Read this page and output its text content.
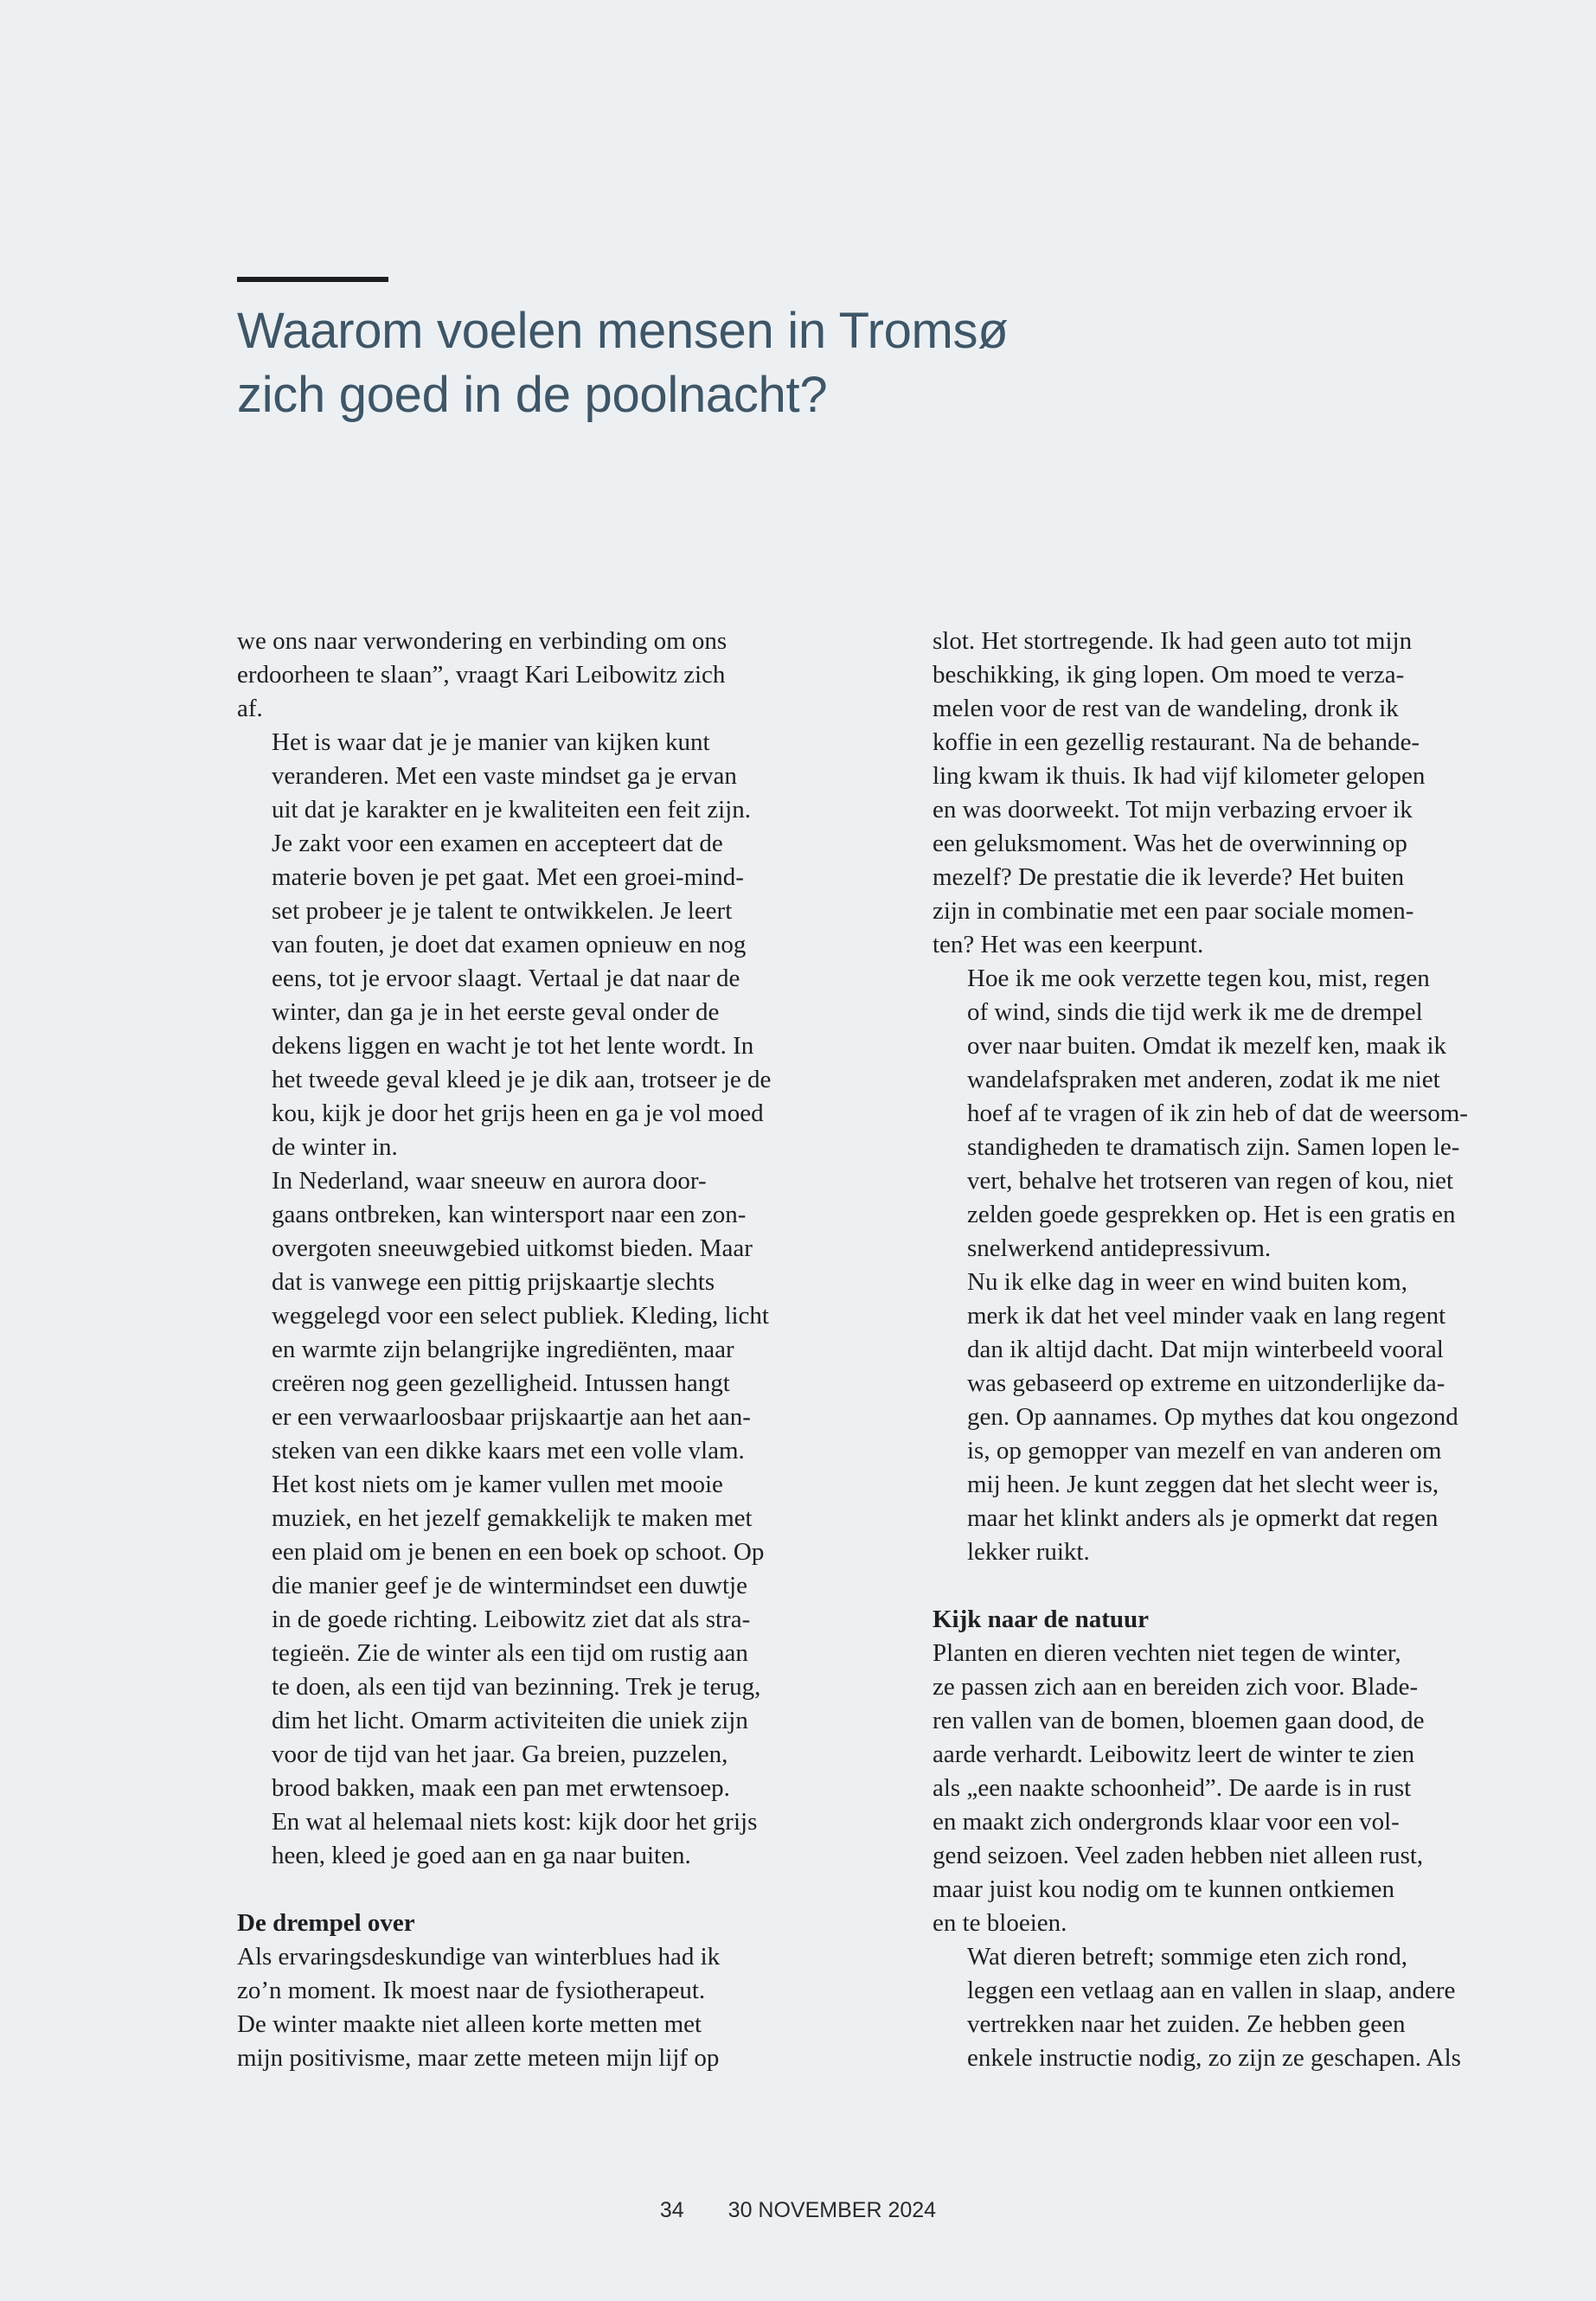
Waarom voelen mensen in Tromsø
zich goed in de poolnacht?

we ons naar verwondering en verbinding om ons
erdoorheen te slaan”, vraagt Kari Leibowitz zich
af.

Het is waar dat je je manier van kijken kunt
veranderen. Met een vaste mindset ga je ervan
uit dat je karakter en je kwaliteiten een feit zijn.
Je zakt voor een examen en accepteert dat de
materie boven je pet gaat. Met een groei-mind-
set probeer je je talent te ontwikkelen. Je leert
van fouten, je doet dat examen opnieuw en nog
eens, tot je ervoor slaagt. Vertaal je dat naar de
winter, dan ga je in het eerste geval onder de
dekens liggen en wacht je tot het lente wordt. In
het tweede geval kleed je je dik aan, trotseer je de
kou, kijk je door het grijs heen en ga je vol moed
de winter in.

In Nederland, waar sneeuw en aurora door-
gaans ontbreken, kan wintersport naar een zon-
overgoten sneeuwgebied uitkomst bieden. Maar
dat is vanwege een pittig prijskaartje slechts
weggelegd voor een select publiek. Kleding, licht
en warmte zijn belangrijke ingrediënten, maar
creëren nog geen gezelligheid. Intussen hangt
er een verwaarloosbaar prijskaartje aan het aan-
steken van een dikke kaars met een volle vlam.
Het kost niets om je kamer vullen met mooie
muziek, en het jezelf gemakkelijk te maken met
een plaid om je benen en een boek op schoot. Op
die manier geef je de wintermindset een duwtje
in de goede richting. Leibowitz ziet dat als stra-
tegieën. Zie de winter als een tijd om rustig aan
te doen, als een tijd van bezinning. Trek je terug,
dim het licht. Omarm activiteiten die uniek zijn
voor de tijd van het jaar. Ga breien, puzzelen,
brood bakken, maak een pan met erwtensoep.
En wat al helemaal niets kost: kijk door het grijs
heen, kleed je goed aan en ga naar buiten.

De drempel over

Als ervaringsdeskundige van winterblues had ik
zo’n moment. Ik moest naar de fysiotherapeut.
De winter maakte niet alleen korte metten met
mijn positivisme, maar zette meteen mijn lijf op

slot. Het stortregende. Ik had geen auto tot mijn
beschikking, ik ging lopen. Om moed te verza-
melen voor de rest van de wandeling, dronk ik
koffie in een gezellig restaurant. Na de behande-
ling kwam ik thuis. Ik had vijf kilometer gelopen
en was doorweekt. Tot mijn verbazing ervoer ik
een geluksmoment. Was het de overwinning op
mezelf? De prestatie die ik leverde? Het buiten
zijn in combinatie met een paar sociale momen-
ten? Het was een keerpunt.

Hoe ik me ook verzette tegen kou, mist, regen
of wind, sinds die tijd werk ik me de drempel
over naar buiten. Omdat ik mezelf ken, maak ik
wandelafspraken met anderen, zodat ik me niet
hoef af te vragen of ik zin heb of dat de weersom-
standigheden te dramatisch zijn. Samen lopen le-
vert, behalve het trotseren van regen of kou, niet
zelden goede gesprekken op. Het is een gratis en
snelwerkend antidepressivum.

Nu ik elke dag in weer en wind buiten kom,
merk ik dat het veel minder vaak en lang regent
dan ik altijd dacht. Dat mijn winterbeeld vooral
was gebaseerd op extreme en uitzonderlijke da-
gen. Op aannames. Op mythes dat kou ongezond
is, op gemopper van mezelf en van anderen om
mij heen. Je kunt zeggen dat het slecht weer is,
maar het klinkt anders als je opmerkt dat regen
lekker ruikt.

Kijk naar de natuur

Planten en dieren vechten niet tegen de winter,
ze passen zich aan en bereiden zich voor. Blade-
ren vallen van de bomen, bloemen gaan dood, de
aarde verhardt. Leibowitz leert de winter te zien
als „een naakte schoonheid”. De aarde is in rust
en maakt zich ondergronds klaar voor een vol-
gend seizoen. Veel zaden hebben niet alleen rust,
maar juist kou nodig om te kunnen ontkiemen
en te bloeien.

Wat dieren betreft; sommige eten zich rond,
leggen een vetlaag aan en vallen in slaap, andere
vertrekken naar het zuiden. Ze hebben geen
enkele instructie nodig, zo zijn ze geschapen. Als

34 30 NOVEMBER 2024
